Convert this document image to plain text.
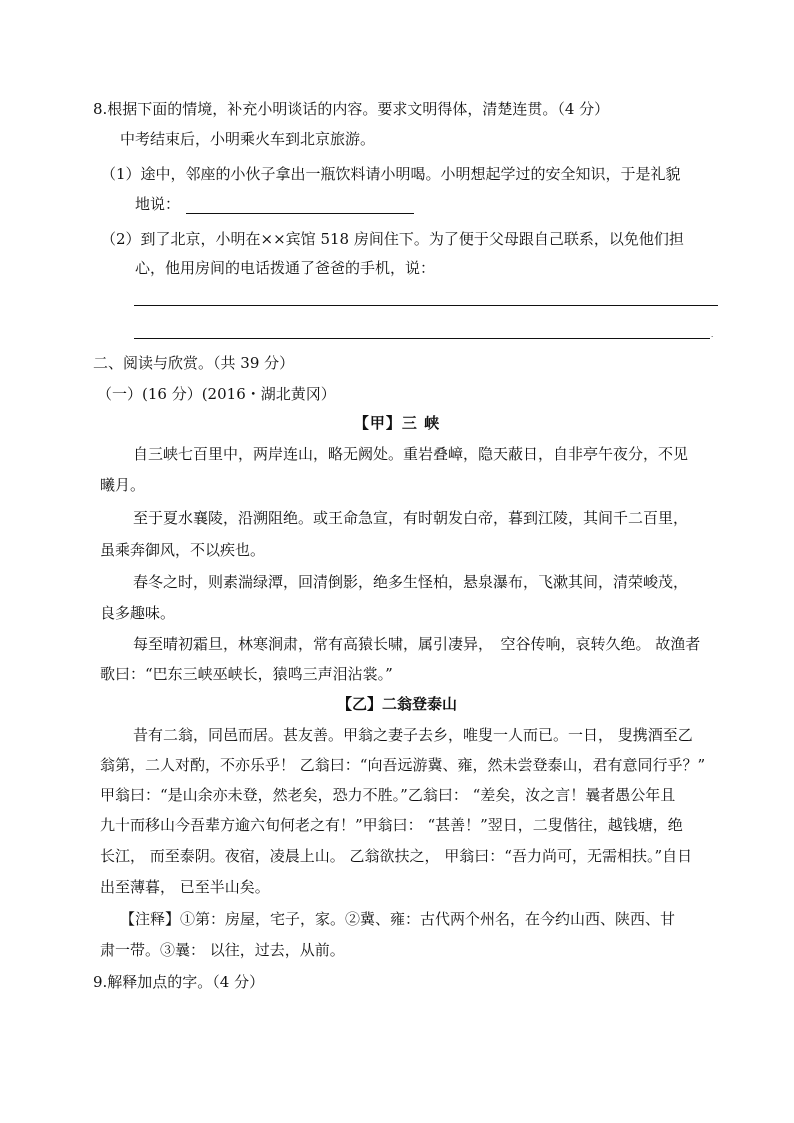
8.根据下面的情境，补充小明谈话的内容。要求文明得体，清楚连贯。（4 分）
中考结束后，小明乘火车到北京旅游。
（1）途中，邻座的小伙子拿出一瓶饮料请小明喝。小明想起学过的安全知识，于是礼貌
地说：
（2）到了北京，小明在××宾馆 518 房间住下。为了便于父母跟自己联系，以免他们担
心，他用房间的电话拨通了爸爸的手机，说：
.
二、阅读与欣赏。（共 39 分）
（一）(16 分）(2016・湖北黄冈）
【甲】三 峡
自三峡七百里中，两岸连山，略无阙处。重岩叠嶂，隐天蔽日，自非亭午夜分，不见
曦月。
至于夏水襄陵，沿溯阻绝。或王命急宣，有时朝发白帝，暮到江陵，其间千二百里，
虽乘奔御风，不以疾也。
春冬之时，则素湍绿潭，回清倒影，绝多生怪柏，悬泉瀑布，飞漱其间，清荣峻茂，
良多趣味。
每至晴初霜旦，林寒涧肃，常有高猿长啸，属引凄异，　空谷传响，哀转久绝。 故渔者
歌曰：“巴东三峡巫峡长，猿鸣三声泪沾裳。”
【乙】二翁登泰山
昔有二翁，同邑而居。甚友善。甲翁之妻子去乡，唯叟一人而已。一日， 叟携酒至乙
翁第，二人对酌，不亦乐乎！ 乙翁曰：“向吾远游冀、雍，然未尝登泰山，君有意同行乎？”
甲翁曰：“是山余亦未登，然老矣，恐力不胜。”乙翁曰： “差矣，汝之言！曩者愚公年且
九十而移山今吾辈方逾六旬何老之有！”甲翁曰： “甚善！”翌日，二叟偕往，越钱塘，绝
长江， 而至泰阴。夜宿，凌晨上山。 乙翁欲扶之， 甲翁曰：“吾力尚可，无需相扶。”自日
出至薄暮， 已至半山矣。
【注释】①第：房屋，宅子，家。②冀、雍：古代两个州名，在今约山西、陕西、甘
肃一带。③曩： 以往，过去，从前。
9.解释加点的字。（4 分）
